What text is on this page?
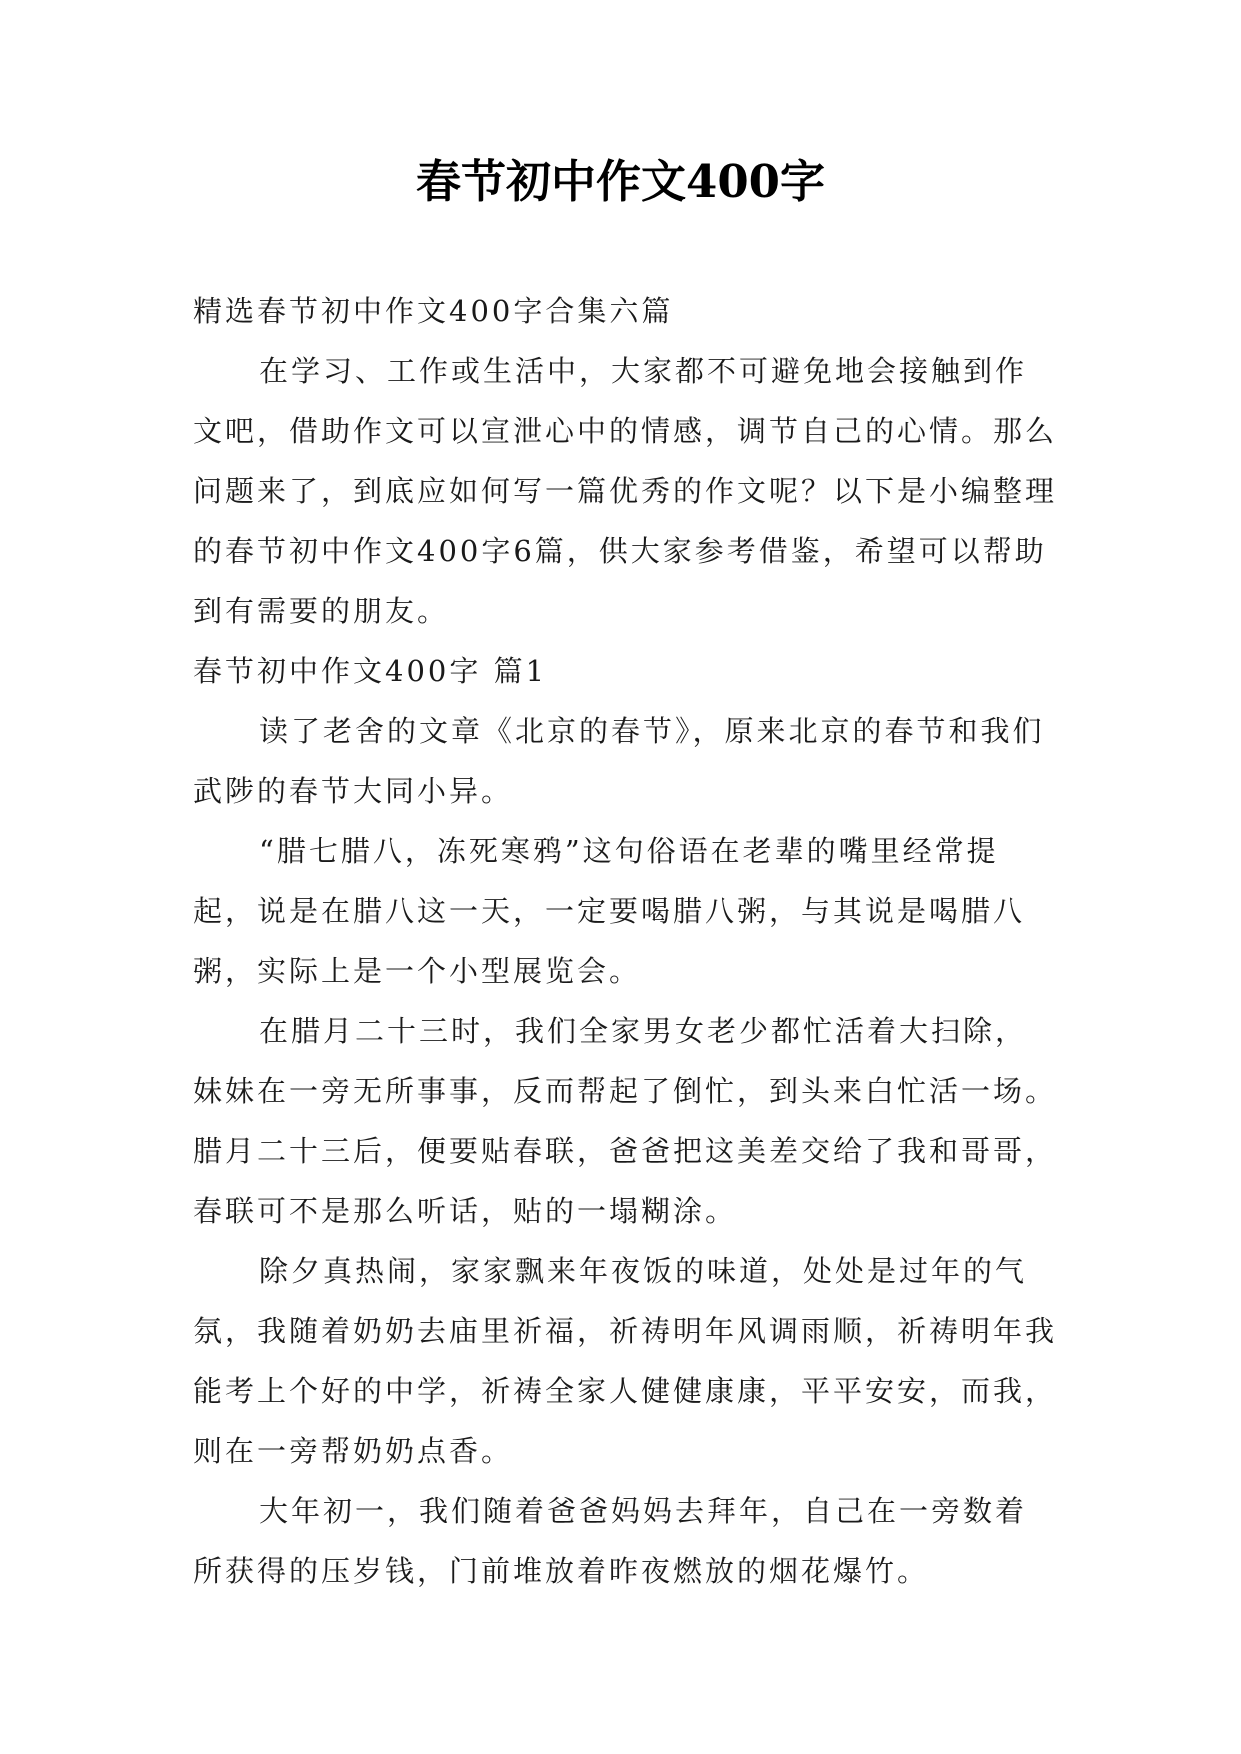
春节初中作文400字

精选春节初中作文400字合集六篇

在学习、工作或生活中，大家都不可避免地会接触到作文吧，借助作文可以宣泄心中的情感，调节自己的心情。那么问题来了，到底应如何写一篇优秀的作文呢？以下是小编整理的春节初中作文400字6篇，供大家参考借鉴，希望可以帮助到有需要的朋友。

春节初中作文400字 篇1

读了老舍的文章《北京的春节》，原来北京的春节和我们武陟的春节大同小异。

“腊七腊八，冻死寒鸦”这句俗语在老辈的嘴里经常提起，说是在腊八这一天，一定要喝腊八粥，与其说是喝腊八粥，实际上是一个小型展览会。

在腊月二十三时，我们全家男女老少都忙活着大扫除，妹妹在一旁无所事事，反而帮起了倒忙，到头来白忙活一场。腊月二十三后，便要贴春联，爸爸把这美差交给了我和哥哥，春联可不是那么听话，贴的一塌糊涂。

除夕真热闹，家家飘来年夜饭的味道，处处是过年的气氛，我随着奶奶去庙里祈福，祈祷明年风调雨顺，祈祷明年我能考上个好的中学，祈祷全家人健健康康，平平安安，而我，则在一旁帮奶奶点香。

大年初一，我们随着爸爸妈妈去拜年，自己在一旁数着所获得的压岁钱，门前堆放着昨夜燃放的烟花爆竹。
